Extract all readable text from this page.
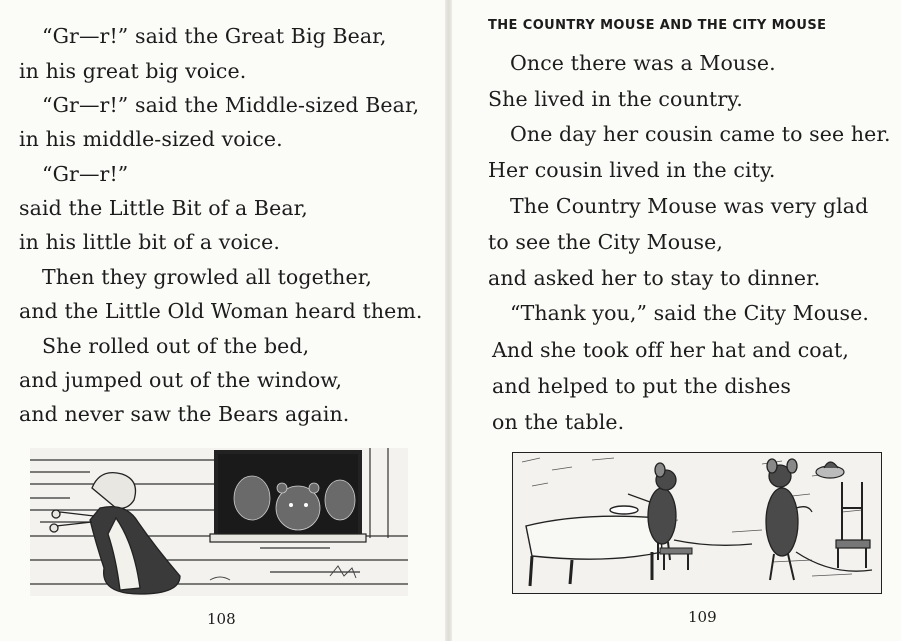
“Gr—r!” said the Great Big Bear,
in his great big voice.
“Gr—r!” said the Middle-sized Bear,
in his middle-sized voice.
“Gr—r!”
said the Little Bit of a Bear,
in his little bit of a voice.
Then they growled all together,
and the Little Old Woman heard them.
She rolled out of the bed,
and jumped out of the window,
and never saw the Bears again.
108
THE COUNTRY MOUSE AND THE CITY MOUSE
Once there was a Mouse.
She lived in the country.
One day her cousin came to see her.
Her cousin lived in the city.
The Country Mouse was very glad
to see the City Mouse,
and asked her to stay to dinner.
“Thank you,” said the City Mouse.
And she took off her hat and coat,
and helped to put the dishes
on the table.
109
